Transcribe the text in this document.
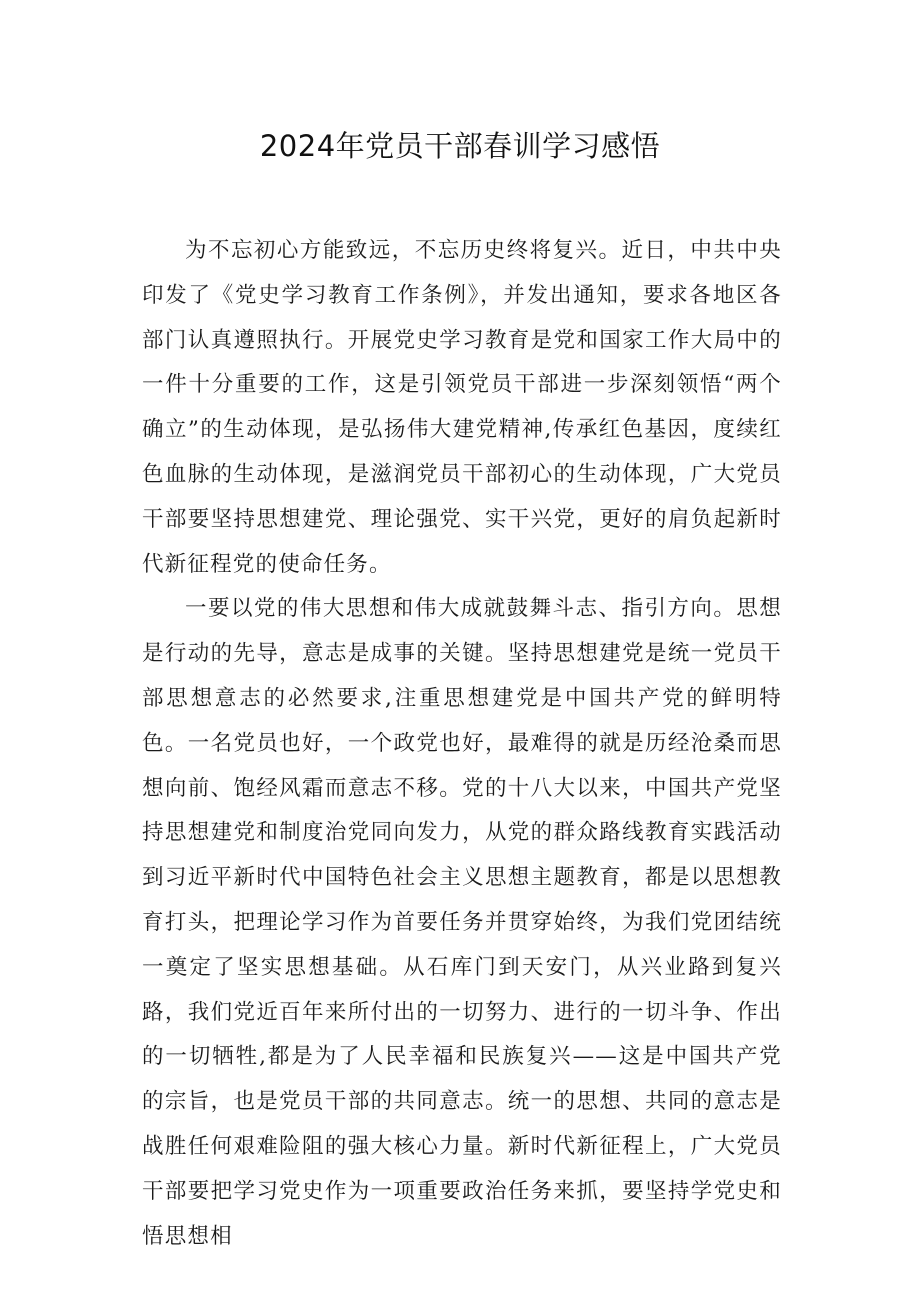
2024年党员干部春训学习感悟

为不忘初心方能致远，不忘历史终将复兴。近日，中共中央印发了《党史学习教育工作条例》，并发出通知，要求各地区各部门认真遵照执行。开展党史学习教育是党和国家工作大局中的一件十分重要的工作，这是引领党员干部进一步深刻领悟“两个确立”的生动体现，是弘扬伟大建党精神,传承红色基因，度续红色血脉的生动体现，是滋润党员干部初心的生动体现，广大党员干部要坚持思想建党、理论强党、实干兴党，更好的肩负起新时代新征程党的使命任务。

一要以党的伟大思想和伟大成就鼓舞斗志、指引方向。思想是行动的先导，意志是成事的关键。坚持思想建党是统一党员干部思想意志的必然要求,注重思想建党是中国共产党的鲜明特色。一名党员也好，一个政党也好，最难得的就是历经沧桑而思想向前、饱经风霜而意志不移。党的十八大以来，中国共产党坚持思想建党和制度治党同向发力，从党的群众路线教育实践活动到习近平新时代中国特色社会主义思想主题教育，都是以思想教育打头，把理论学习作为首要任务并贯穿始终，为我们党团结统一奠定了坚实思想基础。从石库门到天安门，从兴业路到复兴路，我们党近百年来所付出的一切努力、进行的一切斗争、作出的一切牺牲,都是为了人民幸福和民族复兴——这是中国共产党的宗旨，也是党员干部的共同意志。统一的思想、共同的意志是战胜任何艰难险阻的强大核心力量。新时代新征程上，广大党员干部要把学习党史作为一项重要政治任务来抓，要坚持学党史和悟思想相
